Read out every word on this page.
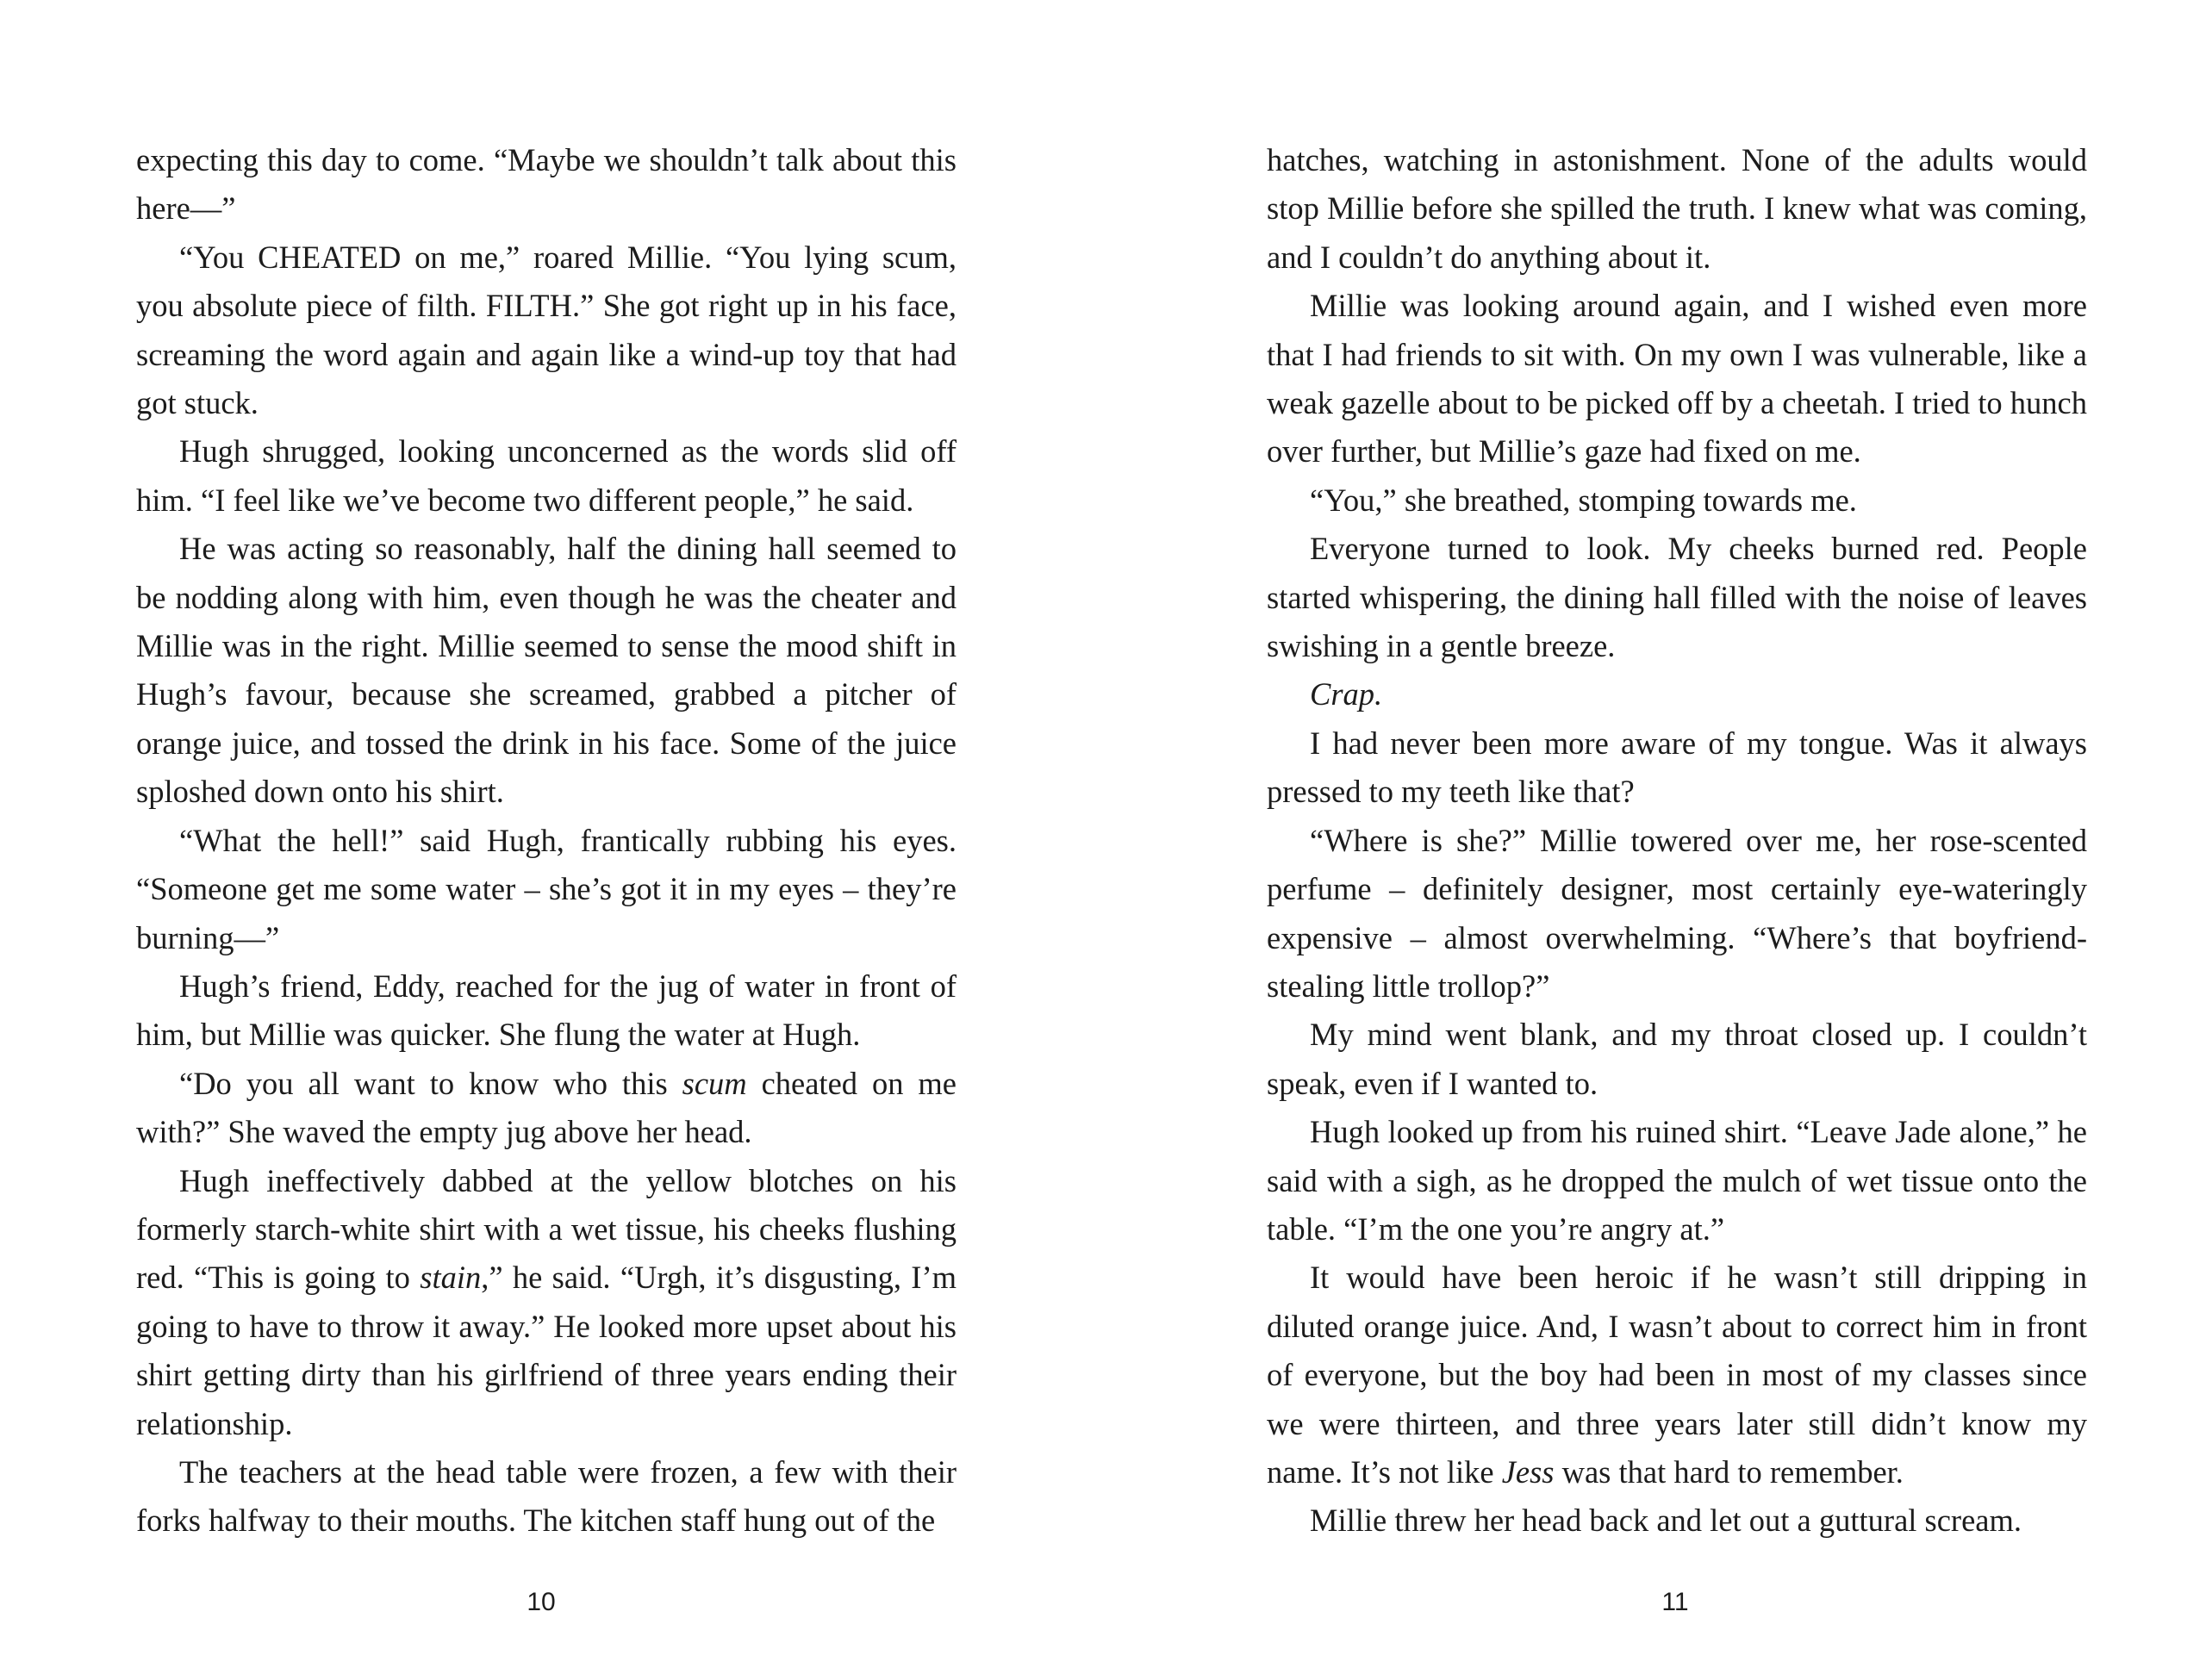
expecting this day to come. “Maybe we shouldn’t talk about this here—”

“You CHEATED on me,” roared Millie. “You lying scum, you absolute piece of filth. FILTH.” She got right up in his face, screaming the word again and again like a wind-up toy that had got stuck.

Hugh shrugged, looking unconcerned as the words slid off him. “I feel like we’ve become two different people,” he said.

He was acting so reasonably, half the dining hall seemed to be nodding along with him, even though he was the cheater and Millie was in the right. Millie seemed to sense the mood shift in Hugh’s favour, because she screamed, grabbed a pitcher of orange juice, and tossed the drink in his face. Some of the juice sploshed down onto his shirt.

“What the hell!” said Hugh, frantically rubbing his eyes. “Someone get me some water – she’s got it in my eyes – they’re burning—”

Hugh’s friend, Eddy, reached for the jug of water in front of him, but Millie was quicker. She flung the water at Hugh.

“Do you all want to know who this scum cheated on me with?” She waved the empty jug above her head.

Hugh ineffectively dabbed at the yellow blotches on his formerly starch-white shirt with a wet tissue, his cheeks flushing red. “This is going to stain,” he said. “Urgh, it’s disgusting, I’m going to have to throw it away.” He looked more upset about his shirt getting dirty than his girlfriend of three years ending their relationship.

The teachers at the head table were frozen, a few with their forks halfway to their mouths. The kitchen staff hung out of the

10

hatches, watching in astonishment. None of the adults would stop Millie before she spilled the truth. I knew what was coming, and I couldn’t do anything about it.

Millie was looking around again, and I wished even more that I had friends to sit with. On my own I was vulnerable, like a weak gazelle about to be picked off by a cheetah. I tried to hunch over further, but Millie’s gaze had fixed on me.

“You,” she breathed, stomping towards me.

Everyone turned to look. My cheeks burned red. People started whispering, the dining hall filled with the noise of leaves swishing in a gentle breeze.

Crap.

I had never been more aware of my tongue. Was it always pressed to my teeth like that?

“Where is she?” Millie towered over me, her rose-scented perfume – definitely designer, most certainly eye-wateringly expensive – almost overwhelming. “Where’s that boyfriend-stealing little trollop?”

My mind went blank, and my throat closed up. I couldn’t speak, even if I wanted to.

Hugh looked up from his ruined shirt. “Leave Jade alone,” he said with a sigh, as he dropped the mulch of wet tissue onto the table. “I’m the one you’re angry at.”

It would have been heroic if he wasn’t still dripping in diluted orange juice. And, I wasn’t about to correct him in front of everyone, but the boy had been in most of my classes since we were thirteen, and three years later still didn’t know my name. It’s not like Jess was that hard to remember.

Millie threw her head back and let out a guttural scream.

11
